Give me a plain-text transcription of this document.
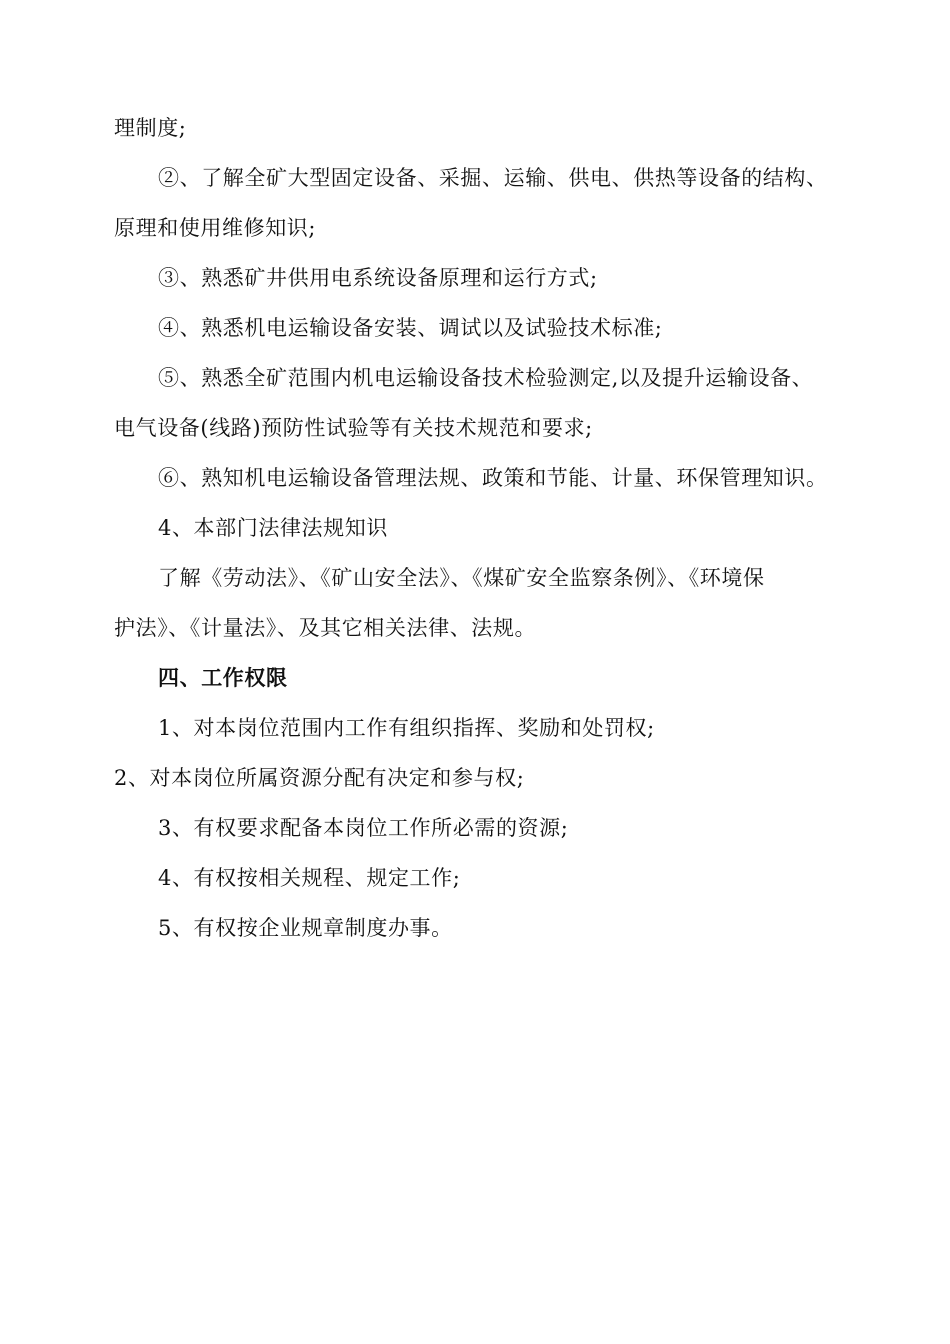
理制度;
②、了解全矿大型固定设备、采掘、运输、供电、供热等设备的结构、
原理和使用维修知识;
③、熟悉矿井供用电系统设备原理和运行方式;
④、熟悉机电运输设备安装、调试以及试验技术标准;
⑤、熟悉全矿范围内机电运输设备技术检验测定,以及提升运输设备、
电气设备(线路)预防性试验等有关技术规范和要求;
⑥、熟知机电运输设备管理法规、政策和节能、计量、环保管理知识。
4、本部门法律法规知识
了解《劳动法》、《矿山安全法》、《煤矿安全监察条例》、《环境保
护法》、《计量法》、及其它相关法律、法规。
四、工作权限
1、对本岗位范围内工作有组织指挥、奖励和处罚权;
2、对本岗位所属资源分配有决定和参与权;
3、有权要求配备本岗位工作所必需的资源;
4、有权按相关规程、规定工作;
5、有权按企业规章制度办事。
